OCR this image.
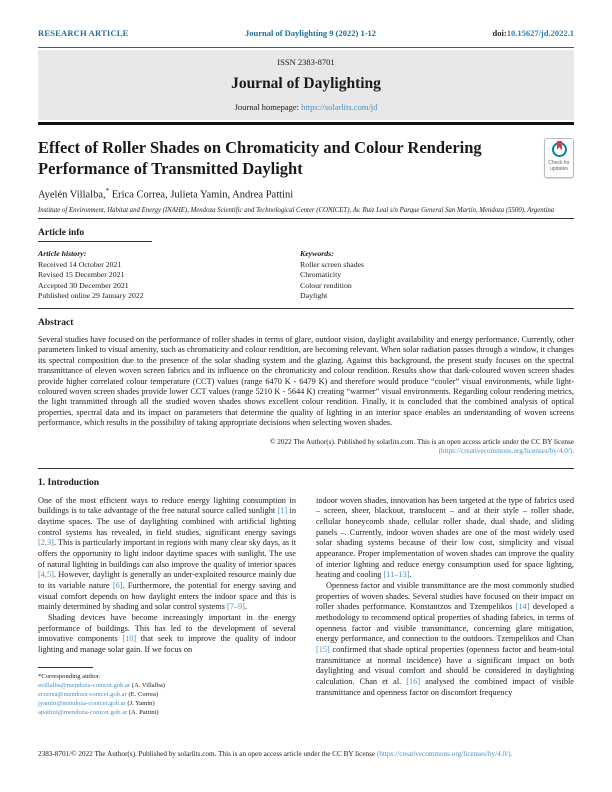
RESEARCH ARTICLE	Journal of Daylighting 9 (2022) 1-12	doi:10.15627/jd.2022.1
ISSN 2383-8701
Journal of Daylighting
Journal homepage: https://solarlits.com/jd
Effect of Roller Shades on Chromaticity and Colour Rendering
Performance of Transmitted Daylight	Check for
updates
Ayelén Villalba,* Erica Correa, Julieta Yamin, Andrea Pattini
Institute of Environment, Habitat and Energy (INAHE), Mendoza Scientific and Technological Center (CONICET), Av. Ruiz Leal s/n Parque General San Martín, Mendoza (5500), Argentina
Article info
Article history:
Received 14 October 2021
Revised 15 December 2021
Accepted 30 December 2021
Published online 29 January 2022
Keywords:
Roller screen shades
Chromaticity
Colour rendition
Daylight
Abstract
Several studies have focused on the performance of roller shades in terms of glare, outdoor vision, daylight availability and energy performance. Currently, other parameters linked to visual amenity, such as chromaticity and colour rendition, are becoming relevant. When solar radiation passes through a window, it changes its spectral composition due to the presence of the solar shading system and the glazing. Against this background, the present study focuses on the spectral transmittance of eleven woven screen fabrics and its influence on the chromaticity and colour rendition. Results show that dark-coloured woven screen shades provide higher correlated colour temperature (CCT) values (range 6470 K - 6479 K) and therefore would produce “cooler” visual environments, while light-coloured woven screen shades provide lower CCT values (range 5210 K - 5644 K) creating “warmer” visual environments. Regarding colour rendering metrics, the light transmitted through all the studied woven shades shows excellent colour rendition. Finally, it is concluded that the combined analysis of optical properties, spectral data and its impact on parameters that determine the quality of lighting in an interior space enables an understanding of woven screens performance, which results in the possibility of taking appropriate decisions when selecting woven shades.
© 2022 The Author(s). Published by solarlits.com. This is an open access article under the CC BY license
(https://creativecommons.org/licenses/by/4.0/).
1. Introduction

One of the most efficient ways to reduce energy lighting consumption in buildings is to take advantage of the free natural source called sunlight [1] in daytime spaces. The use of daylighting combined with artificial lighting control systems has revealed, in field studies, significant energy savings [2,3]. This is particularly important in regions with many clear sky days, as it offers the opportunity to light indoor daytime spaces with sunlight. The use of natural lighting in buildings can also improve the quality of interior spaces [4,5]. However, daylight is generally an under-exploited resource mainly due to its variable nature [6]. Furthermore, the potential for energy saving and visual comfort depends on how daylight enters the indoor space and this is mainly determined by shading and solar control systems [7–9].

Shading devices have become increasingly important in the energy performance of buildings. This has led to the development of several innovative components [10] that seek to improve the quality of indoor lighting and manage solar gain. If we focus on

*Corresponding author.
avillalba@mendoza-conicet.gob.ar (A. Villalba)
ecorrea@mendoza-conicet.gob.ar (E. Correa)
jyamin@mendoza-conicet.gob.ar (J. Yamin)
apattini@mendoza-conicet.gob.ar (A. Pattini)

indoor woven shades, innovation has been targeted at the type of fabrics used – screen, sheer, blackout, translucent – and at their style – roller shade, cellular honeycomb shade, cellular roller shade, dual shade, and sliding panels –. Currently, indoor woven shades are one of the most widely used solar shading systems because of their low cost, simplicity and visual appearance. Proper implementation of woven shades can improve the quality of interior lighting and reduce energy consumption used for space lighting, heating and cooling [11–13].

Openness factor and visible transmittance are the most commonly studied properties of woven shades. Several studies have focused on their impact on roller shades performance. Konstantzos and Tzempelikos [14] developed a methodology to recommend optical properties of shading fabrics, in terms of openness factor and visible transmittance, concerning glare mitigation, energy performance, and connection to the outdoors. Tzempelikos and Chan [15] confirmed that shade optical properties (openness factor and beam-total transmittance at normal incidence) have a significant impact on both daylighting and visual comfort and should be considered in daylighting calculation. Chan et al. [16] analysed the combined impact of visible transmittance and openness factor on discomfort frequency

2383-8701/© 2022 The Author(s). Published by solarlits.com. This is an open access article under the CC BY license (https://creativecommons.org/licenses/by/4.0/).
